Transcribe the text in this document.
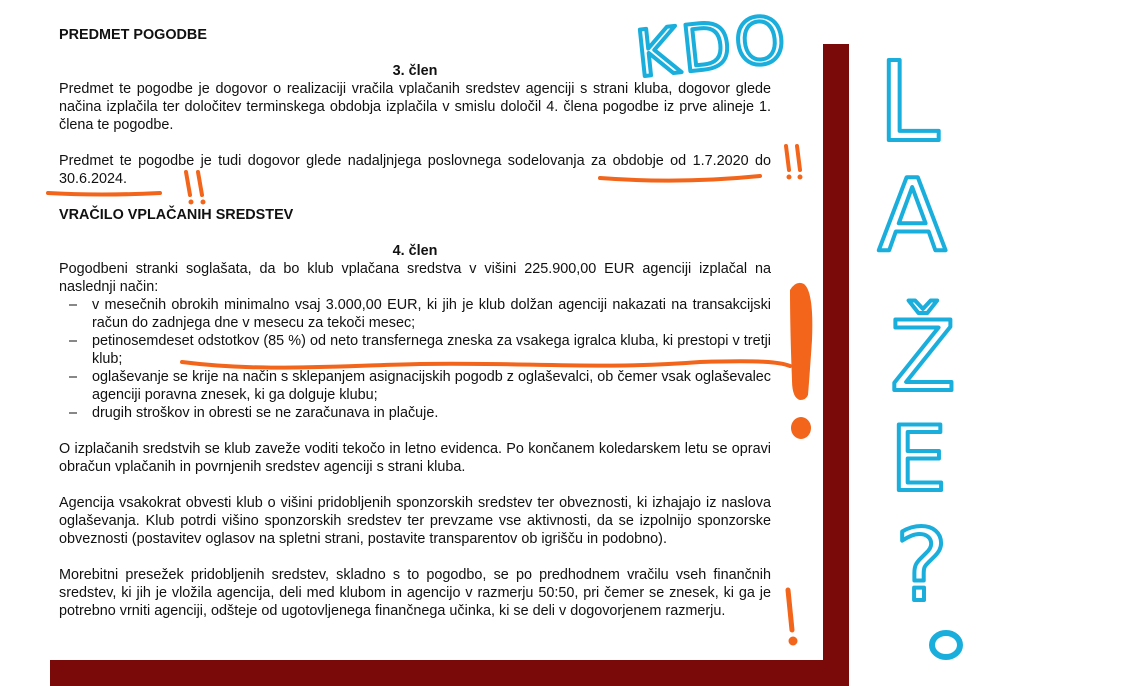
PREDMET POGODBE

3. člen

Predmet te pogodbe je dogovor o realizaciji vračila vplačanih sredstev agenciji s strani kluba, dogovor glede načina izplačila ter določitev terminskega obdobja izplačila v smislu določil 4. člena pogodbe iz prve alineje 1. člena te pogodbe.

Predmet te pogodbe je tudi dogovor glede nadaljnjega poslovnega sodelovanja za obdobje od 1.7.2020 do 30.6.2024.

VRAČILO VPLAČANIH SREDSTEV

4. člen

Pogodbeni stranki soglašata, da bo klub vplačana sredstva v višini 225.900,00 EUR agenciji izplačal na naslednji način:

– v mesečnih obrokih minimalno vsaj 3.000,00 EUR, ki jih je klub dolžan agenciji nakazati na transakcijski račun do zadnjega dne v mesecu za tekoči mesec;
– petinosemdeset odstotkov (85 %) od neto transfernega zneska za vsakega igralca kluba, ki prestopi v tretji klub;
– oglaševanje se krije na način s sklepanjem asignacijskih pogodb z oglaševalci, ob čemer vsak oglaševalec agenciji poravna znesek, ki ga dolguje klubu;
– drugih stroškov in obresti se ne zaračunava in plačuje.

O izplačanih sredstvih se klub zaveže voditi tekočo in letno evidenca. Po končanem koledarskem letu se opravi obračun vplačanih in povrnjenih sredstev agenciji s strani kluba.

Agencija vsakokrat obvesti klub o višini pridobljenih sponzorskih sredstev ter obveznosti, ki izhajajo iz naslova oglaševanja. Klub potrdi višino sponzorskih sredstev ter prevzame vse aktivnosti, da se izpolnijo sponzorske obveznosti (postavitev oglasov na spletni strani, postavite transparentov ob igrišču in podobno).

Morebitni presežek pridobljenih sredstev, skladno s to pogodbo, se po predhodnem vračilu vseh finančnih sredstev, ki jih je vložila agencija, deli med klubom in agencijo v razmerju 50:50, pri čemer se znesek, ki ga je potrebno vrniti agenciji, odšteje od ugotovljenega finančnega učinka, ki se deli v dogovorjenem razmerju.

KDO L
A
Ž
E
?
